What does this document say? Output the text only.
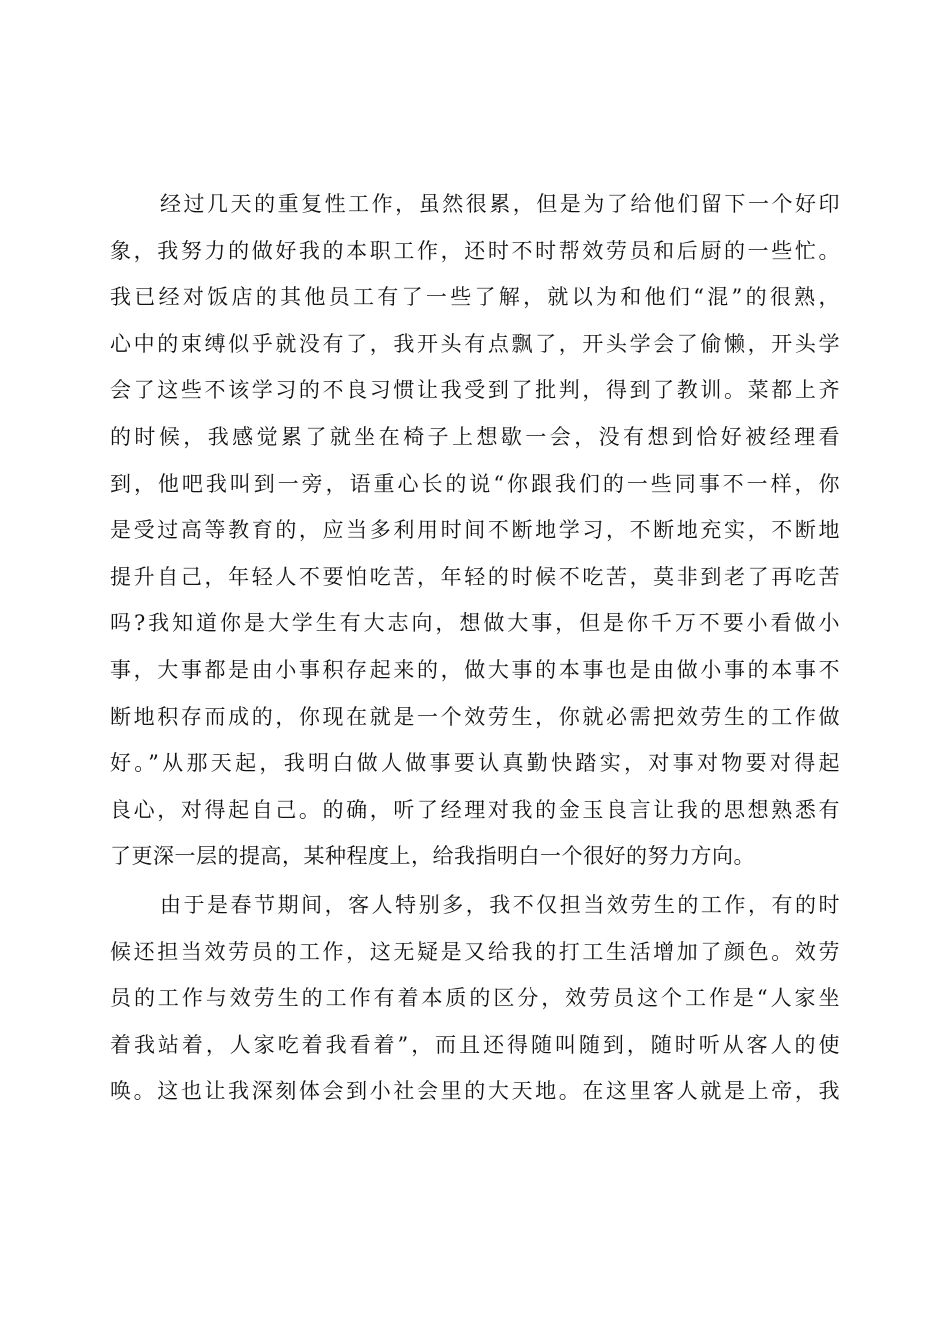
经过几天的重复性工作，虽然很累，但是为了给他们留下一个好印
象，我努力的做好我的本职工作，还时不时帮效劳员和后厨的一些忙。
我已经对饭店的其他员工有了一些了解，就以为和他们“混”的很熟，
心中的束缚似乎就没有了，我开头有点飘了，开头学会了偷懒，开头学
会了这些不该学习的不良习惯让我受到了批判，得到了教训。菜都上齐
的时候，我感觉累了就坐在椅子上想歇一会，没有想到恰好被经理看
到，他吧我叫到一旁，语重心长的说“你跟我们的一些同事不一样，你
是受过高等教育的，应当多利用时间不断地学习，不断地充实，不断地
提升自己，年轻人不要怕吃苦，年轻的时候不吃苦，莫非到老了再吃苦
吗?我知道你是大学生有大志向，想做大事，但是你千万不要小看做小
事，大事都是由小事积存起来的，做大事的本事也是由做小事的本事不
断地积存而成的，你现在就是一个效劳生，你就必需把效劳生的工作做
好。”从那天起，我明白做人做事要认真勤快踏实，对事对物要对得起
良心，对得起自己。的确，听了经理对我的金玉良言让我的思想熟悉有
了更深一层的提高，某种程度上，给我指明白一个很好的努力方向。
由于是春节期间，客人特别多，我不仅担当效劳生的工作，有的时
候还担当效劳员的工作，这无疑是又给我的打工生活增加了颜色。效劳
员的工作与效劳生的工作有着本质的区分，效劳员这个工作是“人家坐
着我站着，人家吃着我看着”，而且还得随叫随到，随时听从客人的使
唤。这也让我深刻体会到小社会里的大天地。在这里客人就是上帝，我
